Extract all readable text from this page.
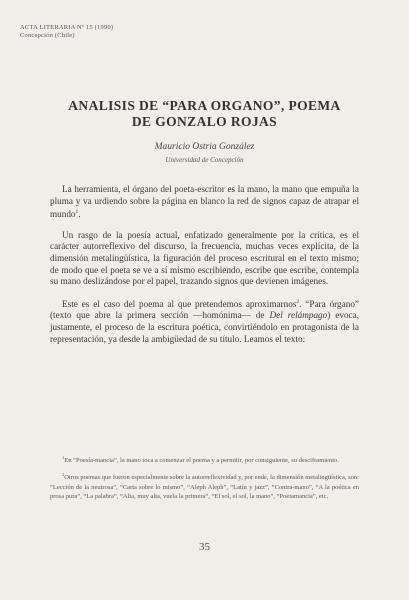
ACTA LITERARIA Nº 15 (1990)
Concepción (Chile)
ANALISIS DE “PARA ORGANO”, POEMA
DE GONZALO ROJAS
Mauricio Ostria González
Universidad de Concepción

La herramienta, el órgano del poeta-escritor es la mano, la mano que empuña la pluma y va urdiendo sobre la página en blanco la red de signos capaz de atrapar el mundo$^1$.

Un rasgo de la poesía actual, enfatizado generalmente por la crítica, es el carácter autorreflexivo del discurso, la frecuencia, muchas veces explícita, de la dimensión metalingüística, la figuración del proceso escritural en el texto mismo; de modo que el poeta se ve a sí mismo escribiendo, escribe que escribe, contempla su mano deslizándose por el papel, trazando signos que devienen imágenes.

Este es el caso del poema al que pretendemos aproximarnos$^2$. “Para órgano” (texto que abre la primera sección —homónima— de Del relámpago) evoca, justamente, el proceso de la escritura poética, convirtiéndolo en protagonista de la representación, ya desde la ambigüedad de su título. Leamos el texto:

$^1$En “Poesía-mancia”, la mano toca a comenzar el poema y a permitir, por consiguiente, su desciframiento.

$^2$Otros poemas que fueron especialmente sobre la autorreflexividad y, por ende, la dimensión metalingüística, son: “Lección de la neutrosa”, “Carta sobre lo mismo”, “Aleph Aleph”, “Latín y jazz”, “Contra-mano”, “A la poética en prosa pura”, “La palabra”, “Alta, muy alta, vuela la primera”, “El sol, el sol, la mano”, “Poetamancia”, etc.

35
